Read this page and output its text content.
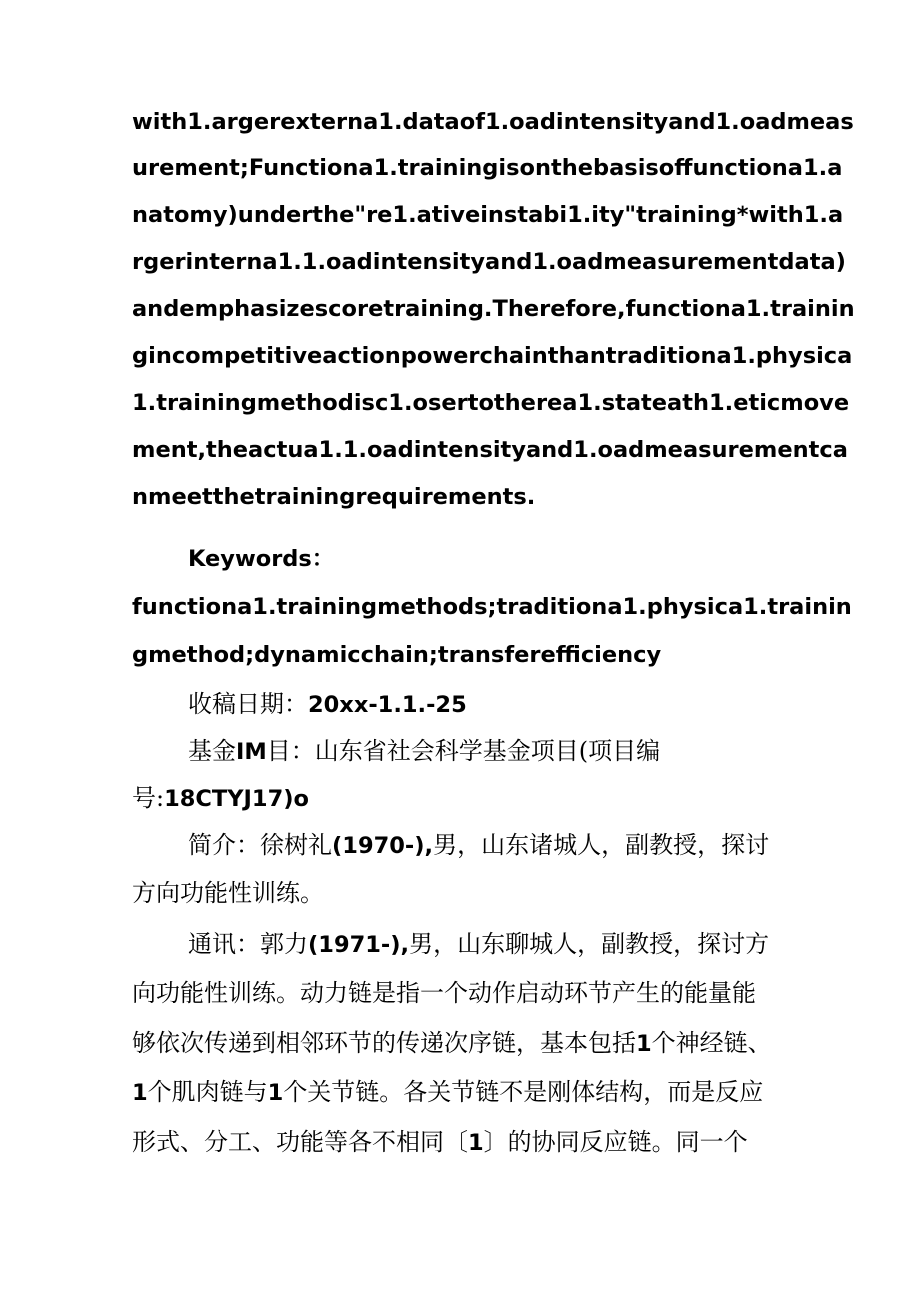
with1.argerexterna1.dataof1.oadintensityand1.oadmeas
urement;Functiona1.trainingisonthebasisoffunctiona1.a
natomy)underthe"re1.ativeinstabi1.ity"training*with1.a
rgerinterna1.1.oadintensityand1.oadmeasurementdata)
andemphasizescoretraining.Therefore,functiona1.trainin
gincompetitiveactionpowerchainthantraditiona1.physica
1.trainingmethodisc1.osertotherea1.stateath1.eticmove
ment,theactua1.1.oadintensityand1.oadmeasurementca
nmeetthetrainingrequirements.
Keywords：
functiona1.trainingmethods;traditiona1.physica1.trainin
gmethod;dynamicchain;transferefficiency
收稿日期：20xx-1.1.-25
基金IM目：山东省社会科学基金项目(项目编
号:18CTYJ17)o
简介：徐树礼(1970-),男，山东诸城人，副教授，探讨
方向功能性训练。
通讯：郭力(1971-),男，山东聊城人，副教授，探讨方
向功能性训练。动力链是指一个动作启动环节产生的能量能
够依次传递到相邻环节的传递次序链，基本包括1个神经链、
1个肌肉链与1个关节链。各关节链不是刚体结构，而是反应
形式、分工、功能等各不相同〔1〕的协同反应链。同一个
